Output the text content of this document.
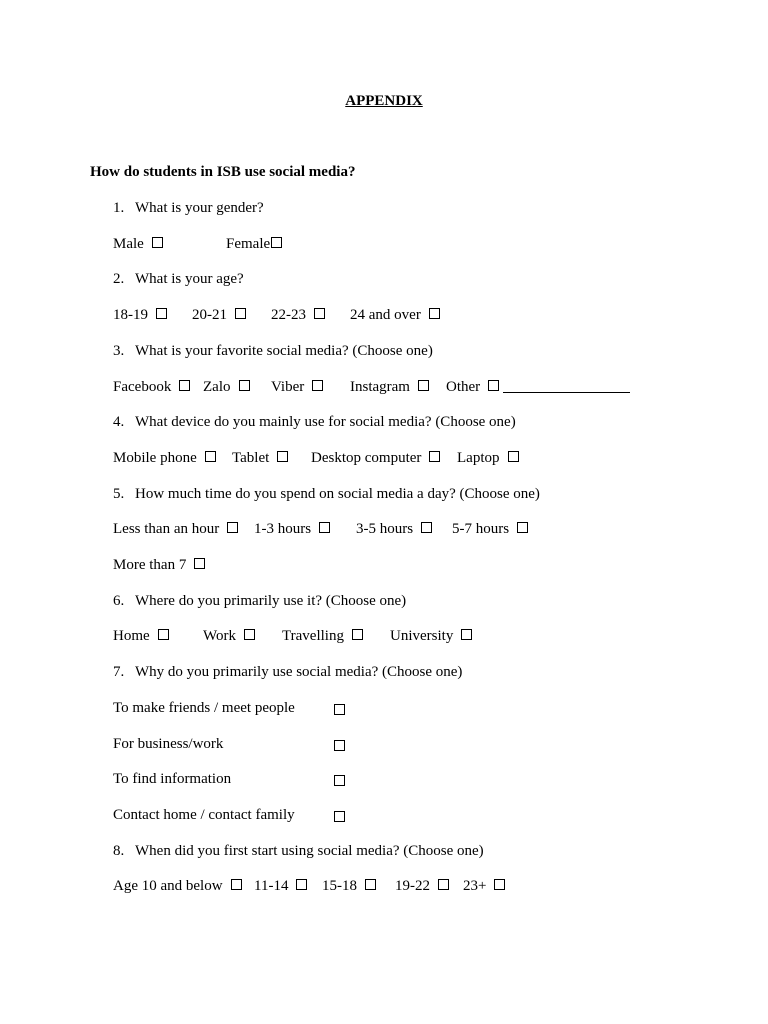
APPENDIX
How do students in ISB use social media?
1. What is your gender?
Male	Female
2. What is your age?
18-19	20-21	22-23	24 and over
3. What is your favorite social media? (Choose one)
Facebook	Zalo	Viber	Instagram	Other
4. What device do you mainly use for social media? (Choose one)
Mobile phone	Tablet	Desktop computer	Laptop
5. How much time do you spend on social media a day? (Choose one)
Less than an hour	1-3 hours	3-5 hours	5-7 hours
More than 7
6. Where do you primarily use it? (Choose one)
Home	Work	Travelling	University
7. Why do you primarily use social media? (Choose one)
To make friends / meet people
For business/work
To find information
Contact home / contact family
8. When did you first start using social media? (Choose one)
Age 10 and below	11-14	15-18	19-22	23+
